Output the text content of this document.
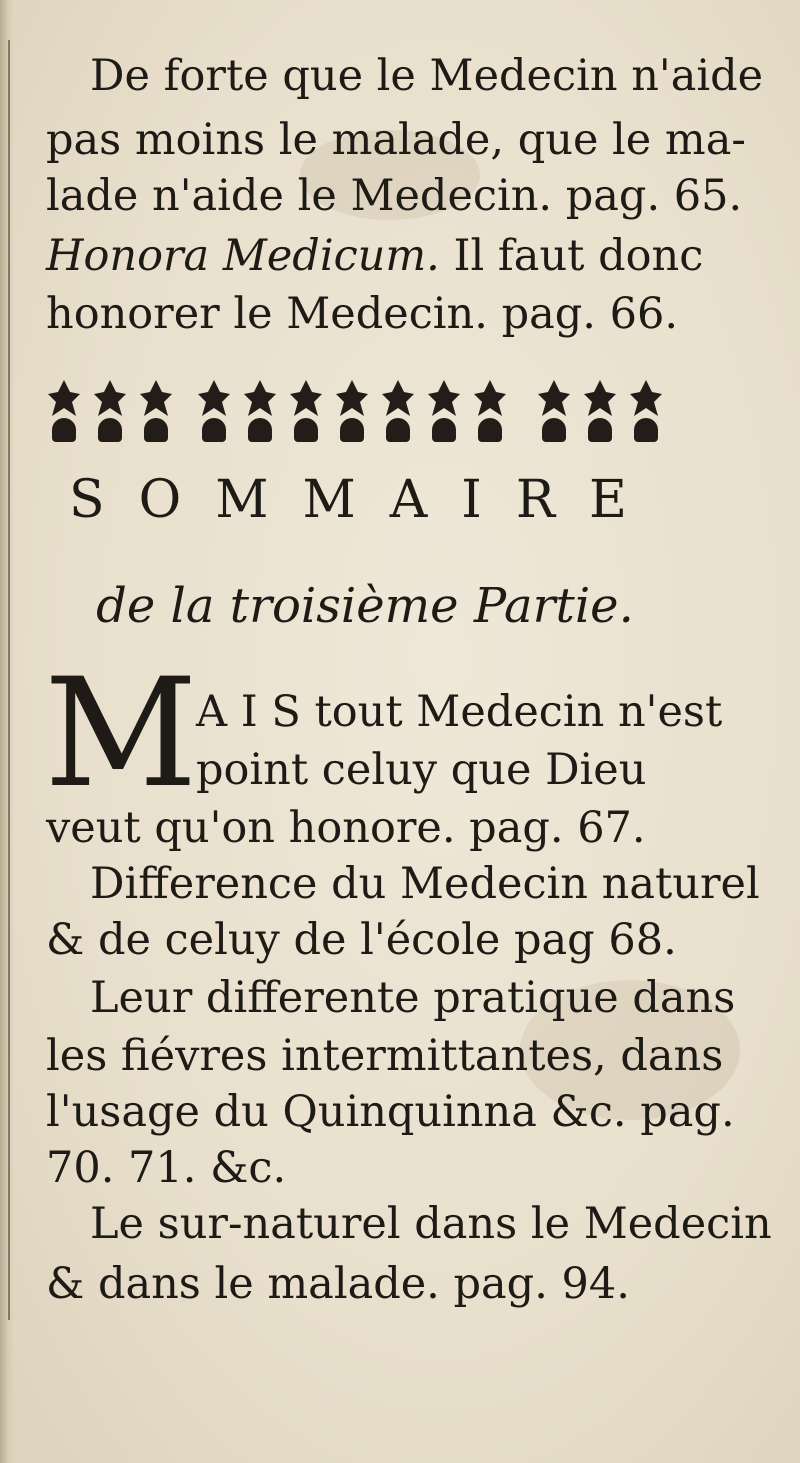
De forte que le Medecin n'aide
pas moins le malade, que le ma-
lade n'aide le Medecin. pag. 65.
Honora Medicum. Il faut donc
honorer le Medecin. pag. 66.
SOMMAIRE
de la troisième Partie.
M
A I S tout Medecin n'est
point celuy que Dieu
veut qu'on honore. pag. 67.
Difference du Medecin naturel
& de celuy de l'école pag 68.
Leur differente pratique dans
les fiévres intermittantes, dans
l'usage du Quinquinna &c. pag.
70. 71. &c.
Le sur-naturel dans le Medecin
& dans le malade. pag. 94.
